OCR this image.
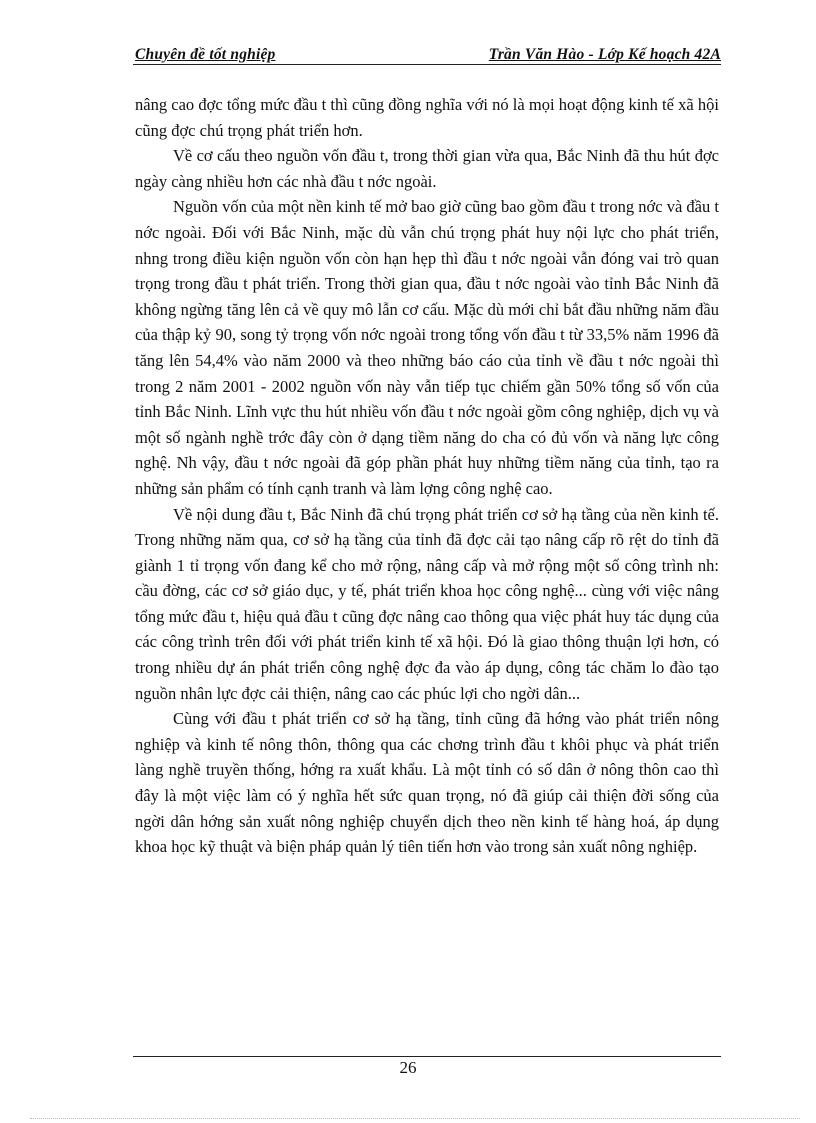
Chuyên đề tốt nghiệp	Trần Văn Hào - Lớp Kế hoạch 42A

nâng cao đợc tổng mức đầu t thì cũng đồng nghĩa với nó là mọi hoạt động kinh tế xã hội cũng đợc chú trọng phát triển hơn.

Về cơ cấu theo nguồn vốn đầu t, trong thời gian vừa qua, Bắc Ninh đã thu hút đợc ngày càng nhiều hơn các nhà đầu t nớc ngoài.

Nguồn vốn của một nền kinh tế mở bao giờ cũng bao gồm đầu t trong nớc và đầu t nớc ngoài. Đối với Bắc Ninh, mặc dù vẫn chú trọng phát huy nội lực cho phát triển, nhng trong điều kiện nguồn vốn còn hạn hẹp thì đầu t nớc ngoài vẫn đóng vai trò quan trọng trong đầu t phát triển. Trong thời gian qua, đầu t nớc ngoài vào tỉnh Bắc Ninh đã không ngừng tăng lên cả về quy mô lẫn cơ cấu. Mặc dù mới chỉ bắt đầu những năm đầu của thập kỷ 90, song tỷ trọng vốn nớc ngoài trong tổng vốn đầu t từ 33,5% năm 1996 đã tăng lên 54,4% vào năm 2000 và theo những báo cáo của tỉnh về đầu t nớc ngoài thì trong 2 năm 2001 - 2002 nguồn vốn này vẫn tiếp tục chiếm gần 50% tổng số vốn của tỉnh Bắc Ninh. Lĩnh vực thu hút nhiều vốn đầu t nớc ngoài gồm công nghiệp, dịch vụ và một số ngành nghề trớc đây còn ở dạng tiềm năng do cha có đủ vốn và năng lực công nghệ. Nh vậy, đầu t nớc ngoài đã góp phần phát huy những tiềm năng của tỉnh, tạo ra những sản phẩm có tính cạnh tranh và làm lợng công nghệ cao.

Về nội dung đầu t, Bắc Ninh đã chú trọng phát triển cơ sở hạ tầng của nền kinh tế. Trong những năm qua, cơ sở hạ tầng của tỉnh đã đợc cải tạo nâng cấp rõ rệt do tỉnh đã giành 1 tỉ trọng vốn đang kể cho mở rộng, nâng cấp và mở rộng một số công trình nh: cầu đờng, các cơ sở giáo dục, y tế, phát triển khoa học công nghệ... cùng với việc nâng tổng mức đầu t, hiệu quả đầu t cũng đợc nâng cao thông qua việc phát huy tác dụng của các công trình trên đối với phát triển kinh tế xã hội. Đó là giao thông thuận lợi hơn, có trong nhiều dự án phát triển công nghệ đợc đa vào áp dụng, công tác chăm lo đào tạo nguồn nhân lực đợc cải thiện, nâng cao các phúc lợi cho ngời dân...

Cùng với đầu t phát triển cơ sở hạ tầng, tỉnh cũng đã hớng vào phát triển nông nghiệp và kinh tế nông thôn, thông qua các chơng trình đầu t khôi phục và phát triển làng nghề truyền thống, hớng ra xuất khẩu. Là một tỉnh có số dân ở nông thôn cao thì đây là một việc làm có ý nghĩa hết sức quan trọng, nó đã giúp cải thiện đời sống của ngời dân hớng sản xuất nông nghiệp chuyển dịch theo nền kinh tế hàng hoá, áp dụng khoa học kỹ thuật và biện pháp quản lý tiên tiến hơn vào trong sản xuất nông nghiệp.

26
